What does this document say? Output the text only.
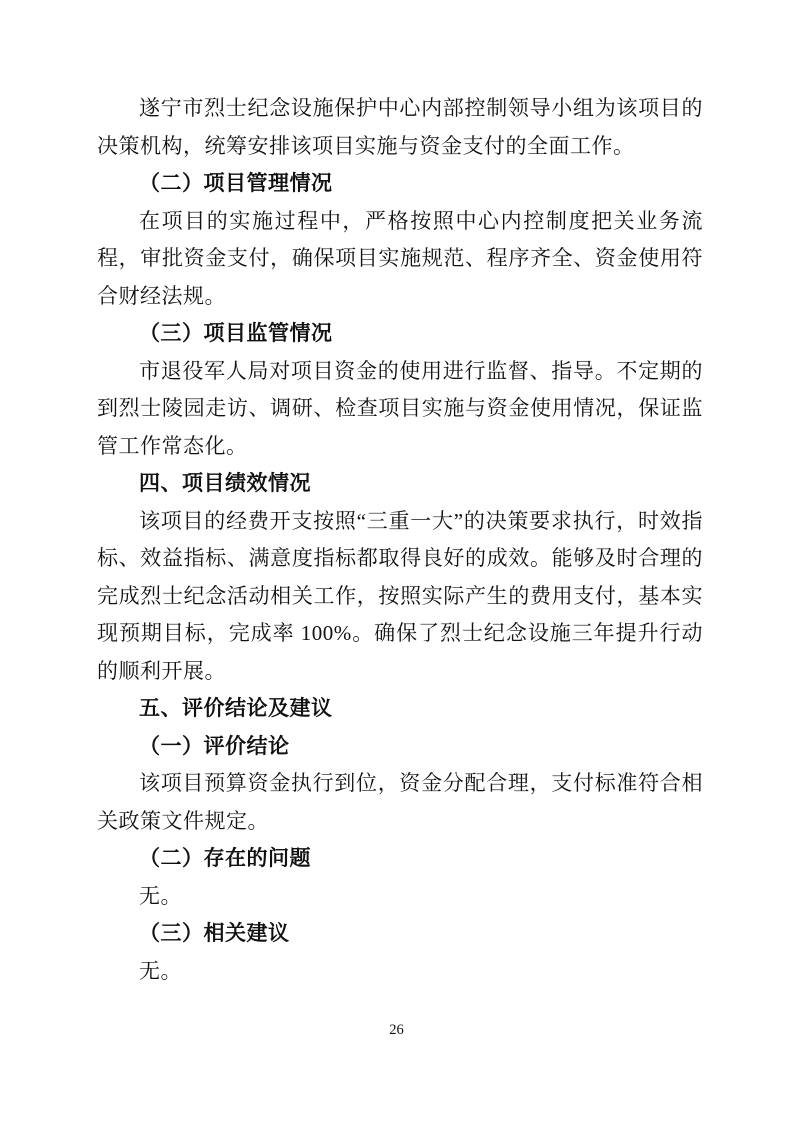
遂宁市烈士纪念设施保护中心内部控制领导小组为该项目的决策机构，统筹安排该项目实施与资金支付的全面工作。

（二）项目管理情况

在项目的实施过程中，严格按照中心内控制度把关业务流程，审批资金支付，确保项目实施规范、程序齐全、资金使用符合财经法规。

（三）项目监管情况

市退役军人局对项目资金的使用进行监督、指导。不定期的到烈士陵园走访、调研、检查项目实施与资金使用情况，保证监管工作常态化。

四、项目绩效情况

该项目的经费开支按照“三重一大”的决策要求执行，时效指标、效益指标、满意度指标都取得良好的成效。能够及时合理的完成烈士纪念活动相关工作，按照实际产生的费用支付，基本实现预期目标，完成率 100%。确保了烈士纪念设施三年提升行动的顺利开展。

五、评价结论及建议

（一）评价结论

该项目预算资金执行到位，资金分配合理，支付标准符合相关政策文件规定。

（二）存在的问题

无。

（三）相关建议

无。

26
